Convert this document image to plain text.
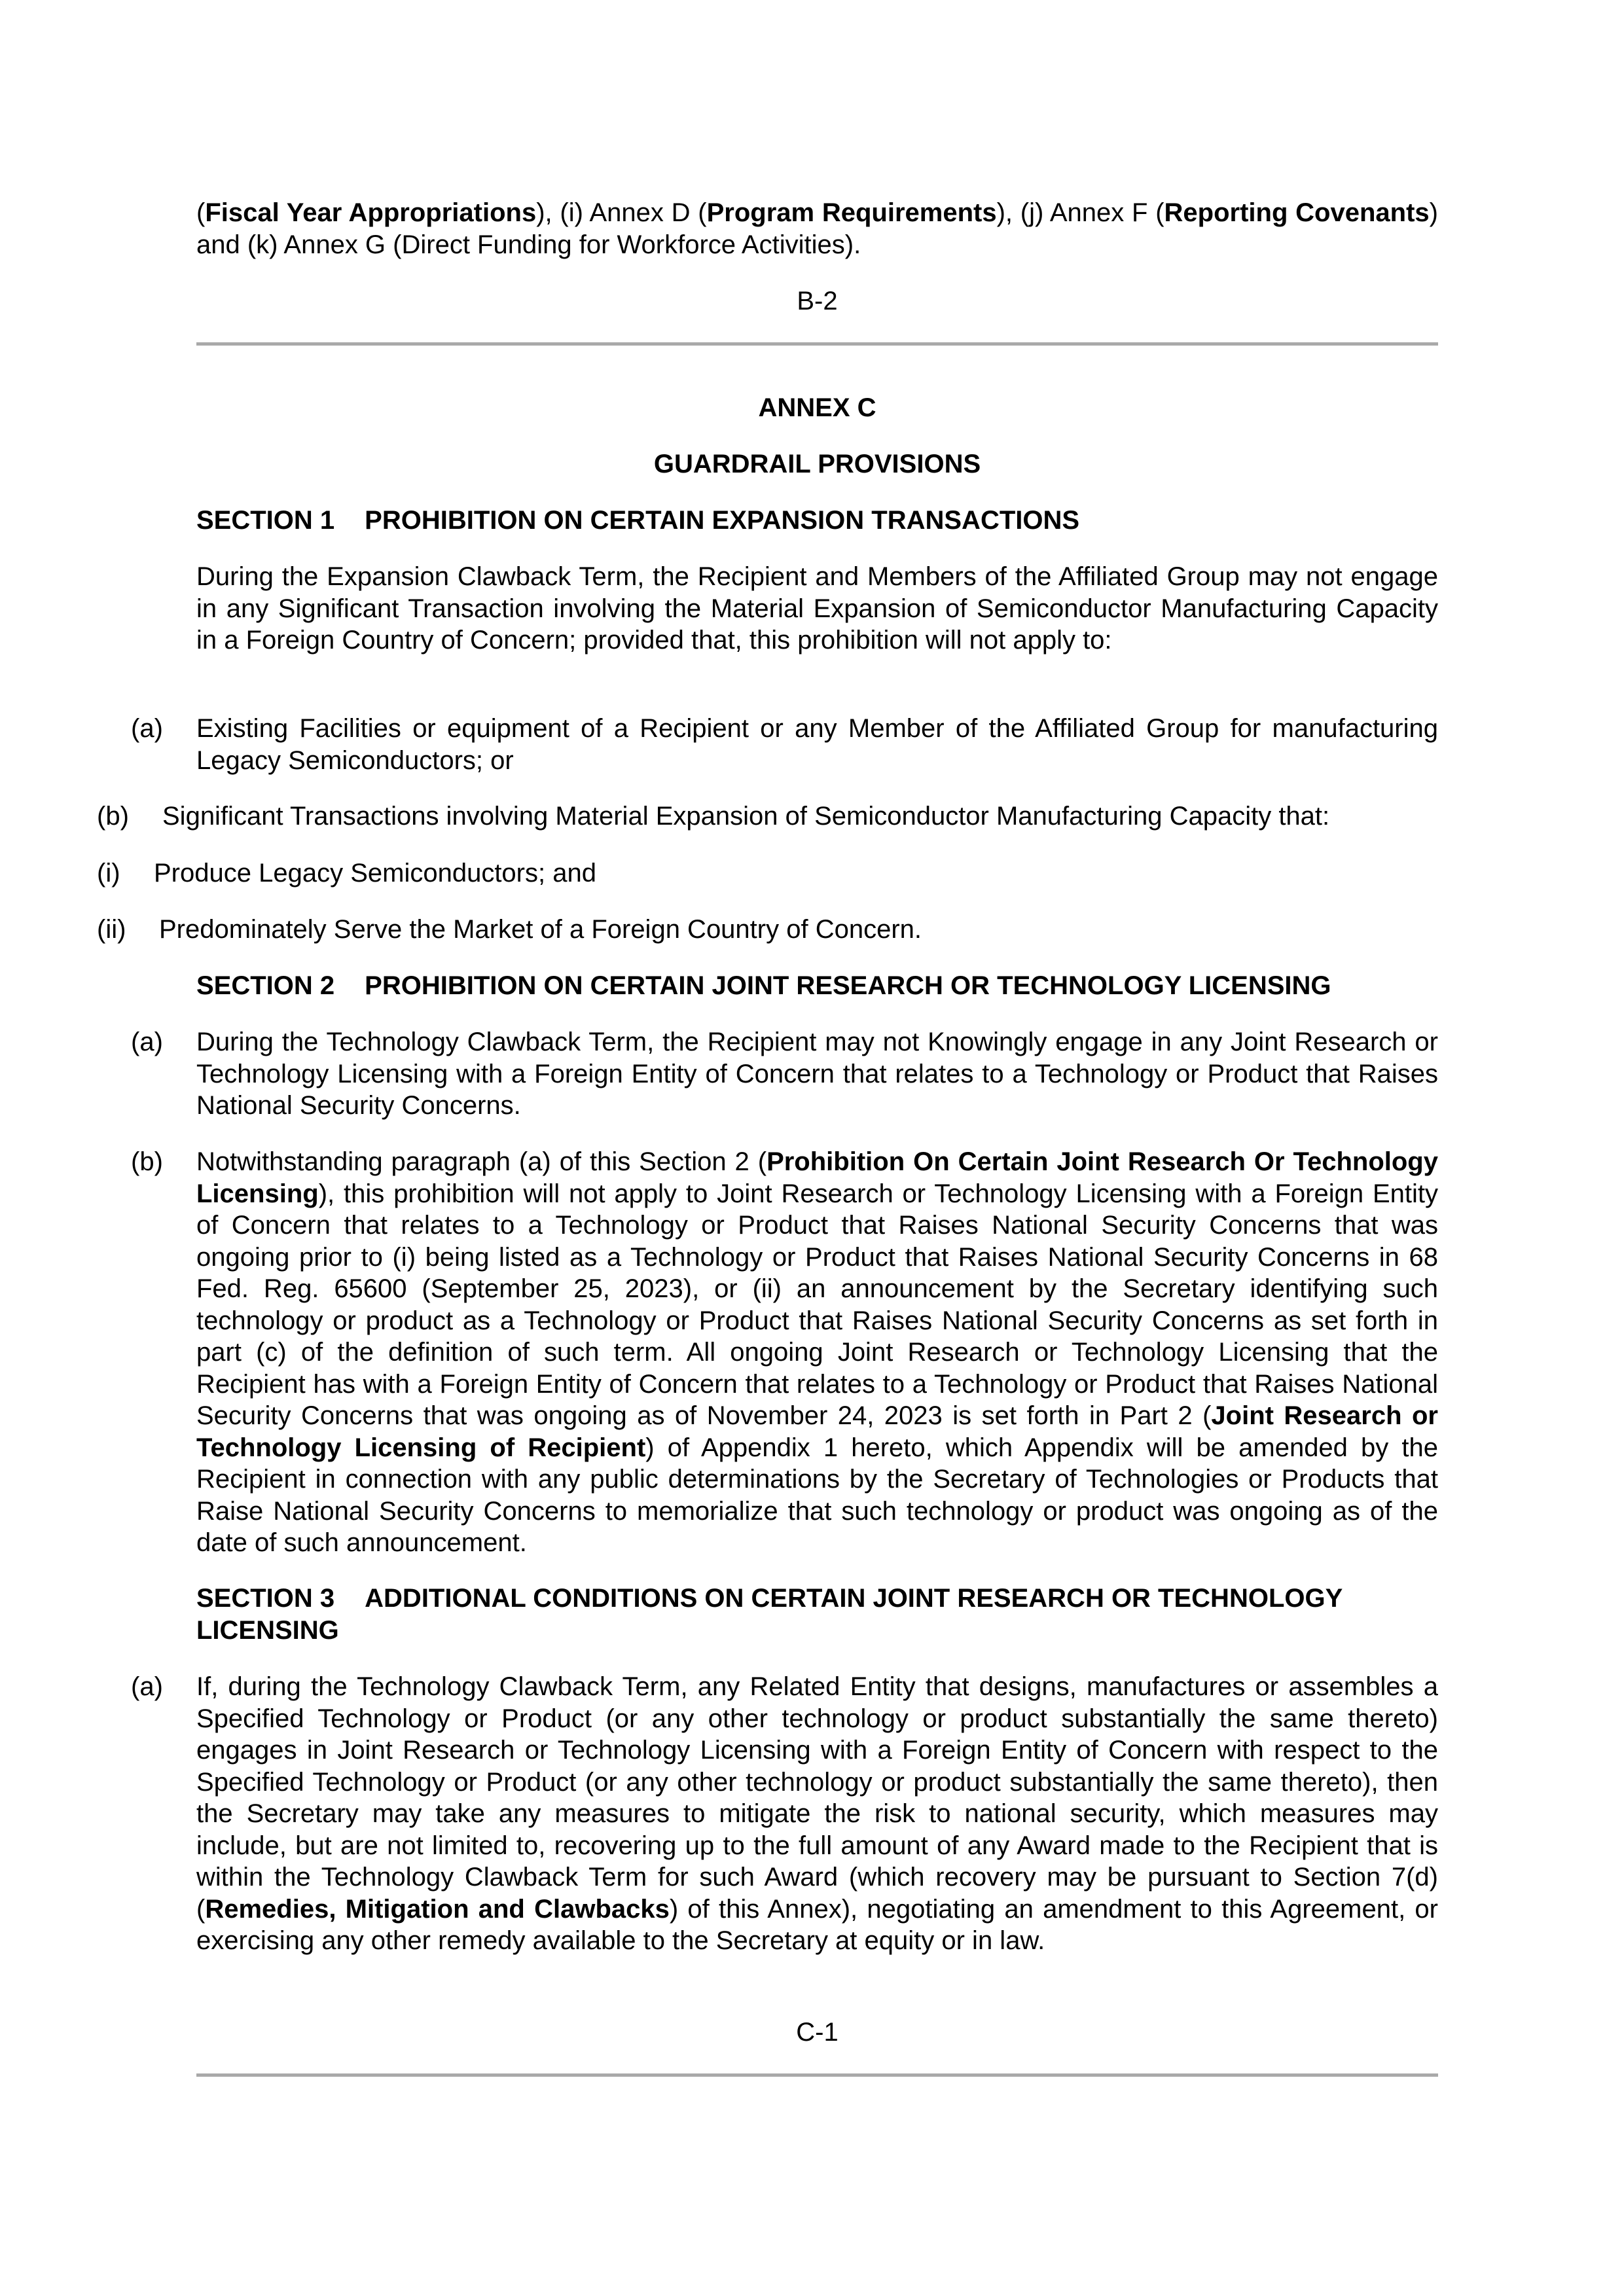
(Fiscal Year Appropriations), (i) Annex D (Program Requirements), (j) Annex F (Reporting Covenants) and (k) Annex G (Direct Funding for Workforce Activities).
B-2
ANNEX C
GUARDRAIL PROVISIONS
SECTION 1 PROHIBITION ON CERTAIN EXPANSION TRANSACTIONS
During the Expansion Clawback Term, the Recipient and Members of the Affiliated Group may not engage in any Significant Transaction involving the Material Expansion of Semiconductor Manufacturing Capacity in a Foreign Country of Concern; provided that, this prohibition will not apply to:
(a) Existing Facilities or equipment of a Recipient or any Member of the Affiliated Group for manufacturing Legacy Semiconductors; or
(b) Significant Transactions involving Material Expansion of Semiconductor Manufacturing Capacity that:
(i) Produce Legacy Semiconductors; and
(ii) Predominately Serve the Market of a Foreign Country of Concern.
SECTION 2 PROHIBITION ON CERTAIN JOINT RESEARCH OR TECHNOLOGY LICENSING
(a) During the Technology Clawback Term, the Recipient may not Knowingly engage in any Joint Research or Technology Licensing with a Foreign Entity of Concern that relates to a Technology or Product that Raises National Security Concerns.
(b) Notwithstanding paragraph (a) of this Section 2 (Prohibition On Certain Joint Research Or Technology Licensing), this prohibition will not apply to Joint Research or Technology Licensing with a Foreign Entity of Concern that relates to a Technology or Product that Raises National Security Concerns that was ongoing prior to (i) being listed as a Technology or Product that Raises National Security Concerns in 68 Fed. Reg. 65600 (September 25, 2023), or (ii) an announcement by the Secretary identifying such technology or product as a Technology or Product that Raises National Security Concerns as set forth in part (c) of the definition of such term. All ongoing Joint Research or Technology Licensing that the Recipient has with a Foreign Entity of Concern that relates to a Technology or Product that Raises National Security Concerns that was ongoing as of November 24, 2023 is set forth in Part 2 (Joint Research or Technology Licensing of Recipient) of Appendix 1 hereto, which Appendix will be amended by the Recipient in connection with any public determinations by the Secretary of Technologies or Products that Raise National Security Concerns to memorialize that such technology or product was ongoing as of the date of such announcement.
SECTION 3 ADDITIONAL CONDITIONS ON CERTAIN JOINT RESEARCH OR TECHNOLOGY LICENSING
(a) If, during the Technology Clawback Term, any Related Entity that designs, manufactures or assembles a Specified Technology or Product (or any other technology or product substantially the same thereto) engages in Joint Research or Technology Licensing with a Foreign Entity of Concern with respect to the Specified Technology or Product (or any other technology or product substantially the same thereto), then the Secretary may take any measures to mitigate the risk to national security, which measures may include, but are not limited to, recovering up to the full amount of any Award made to the Recipient that is within the Technology Clawback Term for such Award (which recovery may be pursuant to Section 7(d) (Remedies, Mitigation and Clawbacks) of this Annex), negotiating an amendment to this Agreement, or exercising any other remedy available to the Secretary at equity or in law.
C-1
